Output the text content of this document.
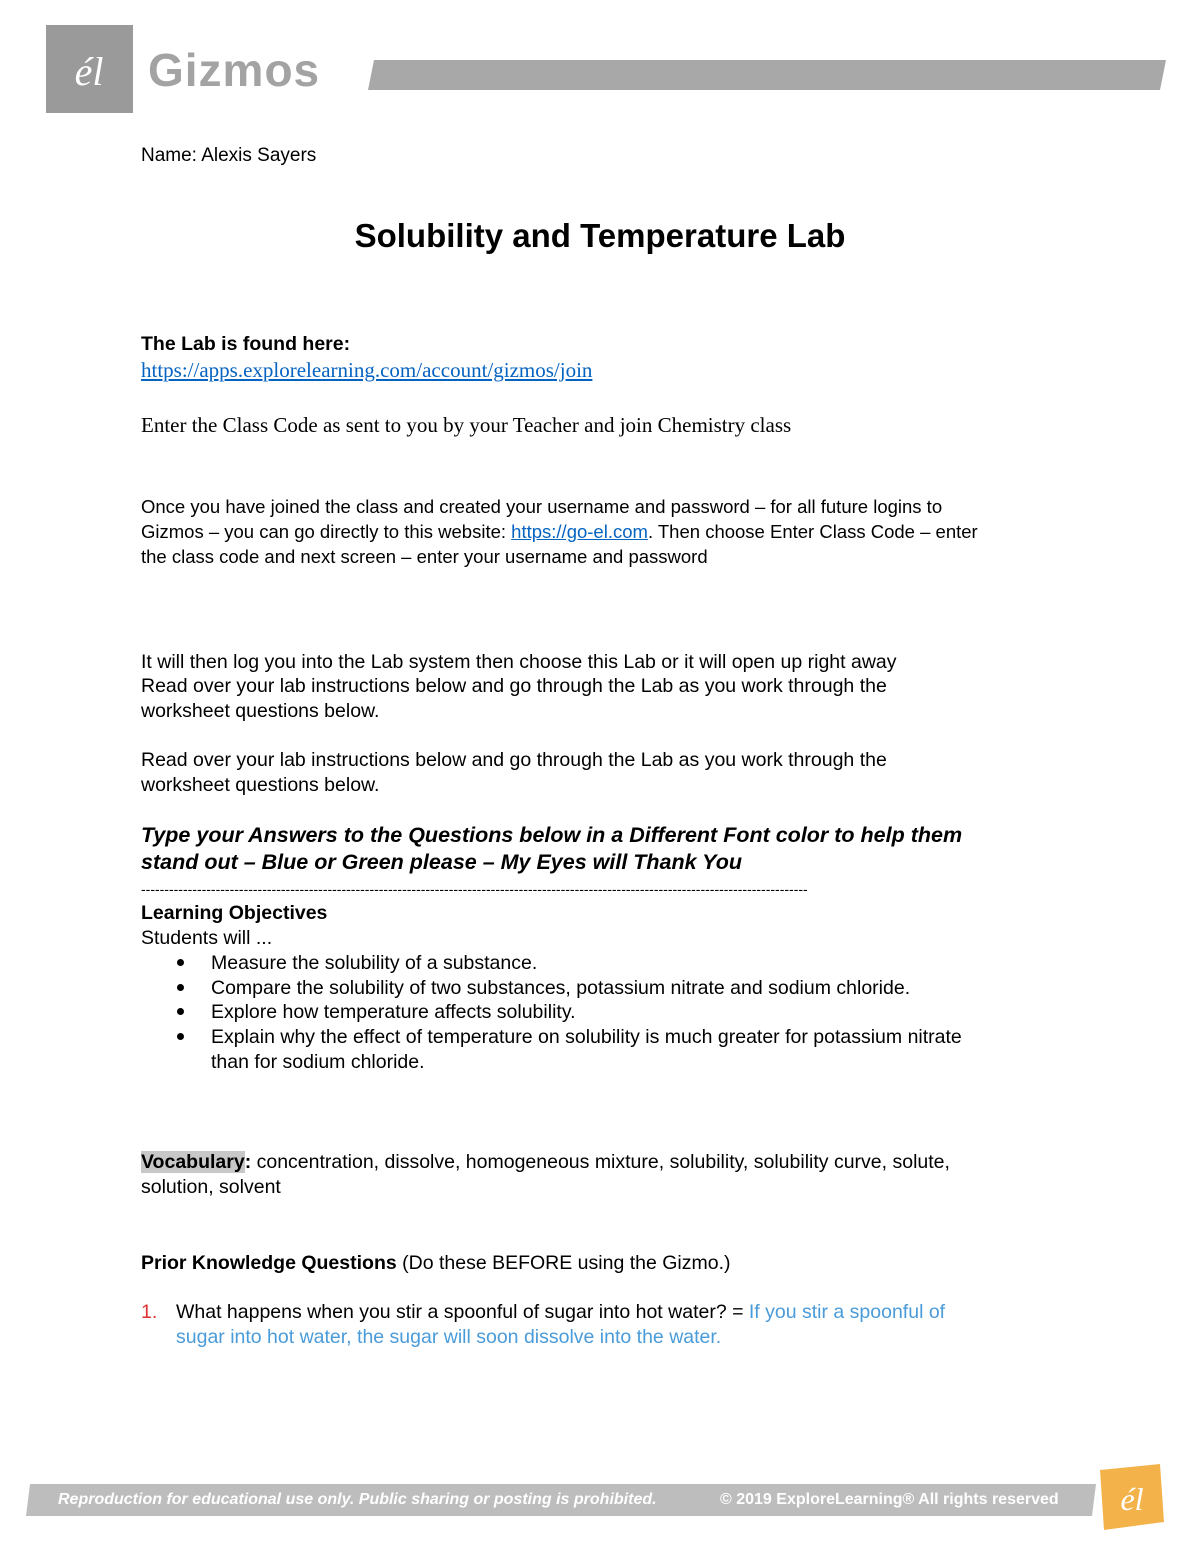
él Gizmos
Name: Alexis Sayers
Solubility and Temperature Lab
The Lab is found here:
https://apps.explorelearning.com/account/gizmos/join
Enter the Class Code as sent to you by your Teacher and join Chemistry class
Once you have joined the class and created your username and password – for all future logins to
Gizmos – you can go directly to this website: https://go-el.com. Then choose Enter Class Code – enter
the class code and next screen – enter your username and password
It will then log you into the Lab system then choose this Lab or it will open up right away
Read over your lab instructions below and go through the Lab as you work through the
worksheet questions below.
Read over your lab instructions below and go through the Lab as you work through the
worksheet questions below.
Type your Answers to the Questions below in a Different Font color to help them
stand out – Blue or Green please – My Eyes will Thank You
-----------------------------------------------------------------------------------------------------------------------------------------------
Learning Objectives
Students will ...
Measure the solubility of a substance.
Compare the solubility of two substances, potassium nitrate and sodium chloride.
Explore how temperature affects solubility.
Explain why the effect of temperature on solubility is much greater for potassium nitrate
than for sodium chloride.
Vocabulary: concentration, dissolve, homogeneous mixture, solubility, solubility curve, solute,
solution, solvent
Prior Knowledge Questions (Do these BEFORE using the Gizmo.)
1. What happens when you stir a spoonful of sugar into hot water? = If you stir a spoonful of
sugar into hot water, the sugar will soon dissolve into the water.
Reproduction for educational use only. Public sharing or posting is prohibited.	© 2019 ExploreLearning® All rights reserved él
